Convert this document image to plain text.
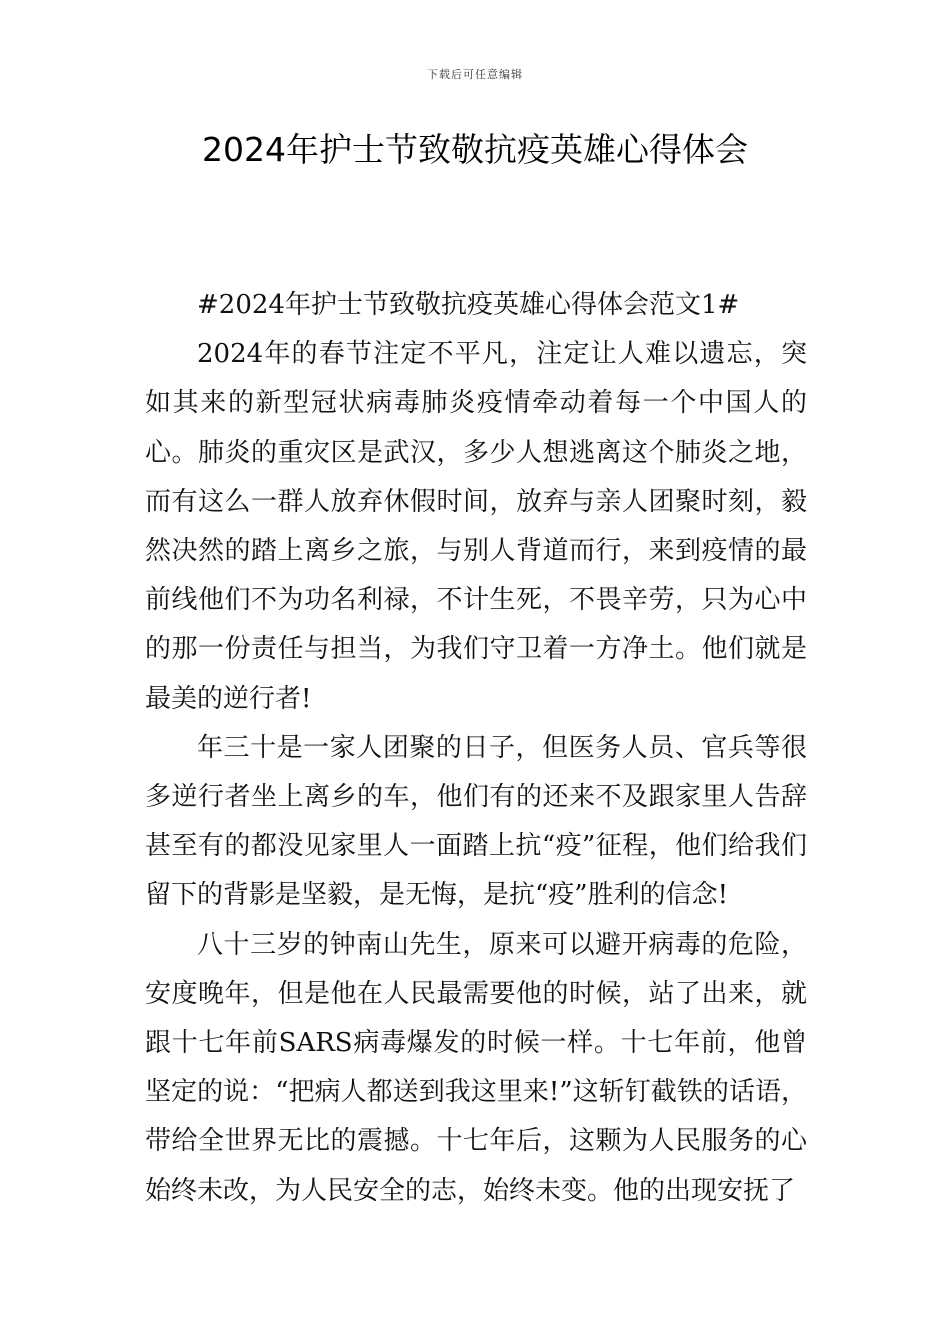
下载后可任意编辑
2024年护士节致敬抗疫英雄心得体会

#2024年护士节致敬抗疫英雄心得体会范文1#

2024年的春节注定不平凡，注定让人难以遗忘，突如其来的新型冠状病毒肺炎疫情牵动着每一个中国人的心。肺炎的重灾区是武汉，多少人想逃离这个肺炎之地，而有这么一群人放弃休假时间，放弃与亲人团聚时刻，毅然决然的踏上离乡之旅，与别人背道而行，来到疫情的最前线他们不为功名利禄，不计生死，不畏辛劳，只为心中的那一份责任与担当，为我们守卫着一方净土。他们就是最美的逆行者!

年三十是一家人团聚的日子，但医务人员、官兵等很多逆行者坐上离乡的车，他们有的还来不及跟家里人告辞甚至有的都没见家里人一面踏上抗“疫”征程，他们给我们留下的背影是坚毅，是无悔，是抗“疫”胜利的信念!

八十三岁的钟南山先生，原来可以避开病毒的危险，安度晚年，但是他在人民最需要他的时候，站了出来，就跟十七年前SARS病毒爆发的时候一样。十七年前，他曾坚定的说：“把病人都送到我这里来!”这斩钉截铁的话语，带给全世界无比的震撼。十七年后，这颗为人民服务的心始终未改，为人民安全的志，始终未变。他的出现安抚了
